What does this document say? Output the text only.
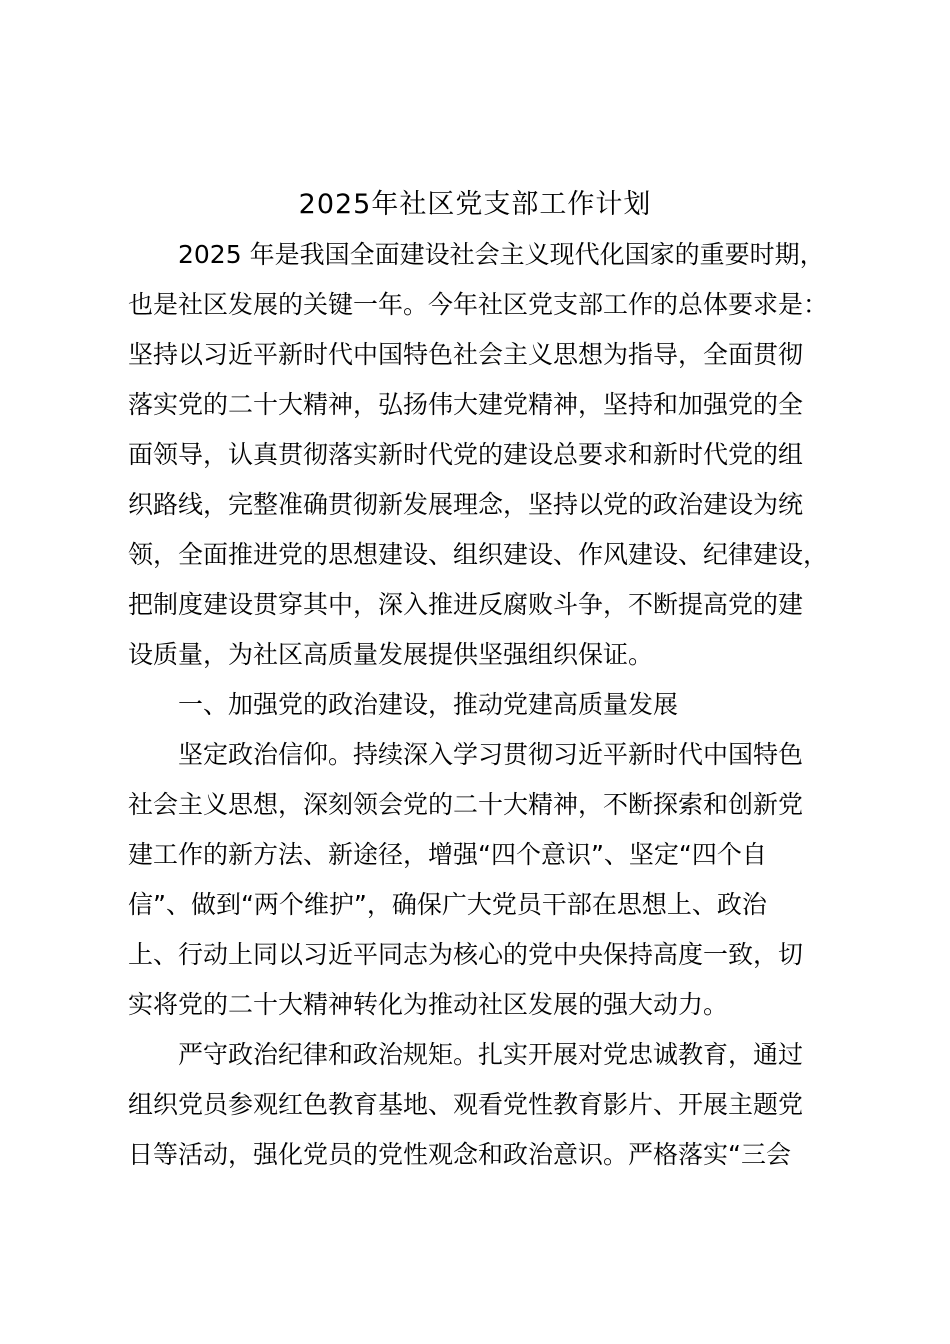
2025年社区党支部工作计划
2025 年是我国全面建设社会主义现代化国家的重要时期，
也是社区发展的关键一年。今年社区党支部工作的总体要求是：
坚持以习近平新时代中国特色社会主义思想为指导，全面贯彻
落实党的二十大精神，弘扬伟大建党精神，坚持和加强党的全
面领导，认真贯彻落实新时代党的建设总要求和新时代党的组
织路线，完整准确贯彻新发展理念，坚持以党的政治建设为统
领，全面推进党的思想建设、组织建设、作风建设、纪律建设，
把制度建设贯穿其中，深入推进反腐败斗争，不断提高党的建
设质量，为社区高质量发展提供坚强组织保证。
一、加强党的政治建设，推动党建高质量发展
坚定政治信仰。持续深入学习贯彻习近平新时代中国特色
社会主义思想，深刻领会党的二十大精神，不断探索和创新党
建工作的新方法、新途径，增强“四个意识”、坚定“四个自
信”、做到“两个维护”，确保广大党员干部在思想上、政治
上、行动上同以习近平同志为核心的党中央保持高度一致，切
实将党的二十大精神转化为推动社区发展的强大动力。
严守政治纪律和政治规矩。扎实开展对党忠诚教育，通过
组织党员参观红色教育基地、观看党性教育影片、开展主题党
日等活动，强化党员的党性观念和政治意识。严格落实“三会
